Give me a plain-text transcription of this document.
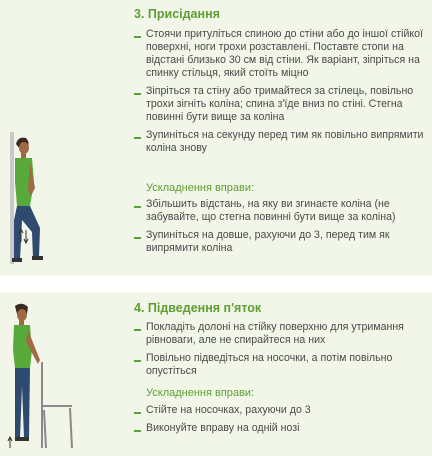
3. Присідання
Стоячи притуліться спиною до стіни або до іншої стійкої поверхні, ноги трохи розставлені. Поставте стопи на відстані близько 30 см від стіни. Як варіант, зіпріться на спинку стільця, який стоїть міцно
Зіпріться та стіну або тримайтеся за стілець, повільно трохи зігніть коліна; спина з'їде вниз по стіні. Стегна повинні бути вище за коліна
Зупиніться на секунду перед тим як повільно випрямити коліна знову
Ускладнення вправи:
Збільшить відстань, на яку ви згинаєте коліна (не забувайте, що стегна повинні бути вище за коліна)
Зупиніться на довше, рахуючи до 3, перед тим як випрямити коліна
4. Підведення п'яток
Покладіть долоні на стійку поверхню для утримання рівноваги, але не спирайтеся на них
Повільно підведіться на носочки, а потім повільно опустіться
Ускладнення вправи:
Стійте на носочках, рахуючи до 3
Виконуйте вправу на одній нозі
